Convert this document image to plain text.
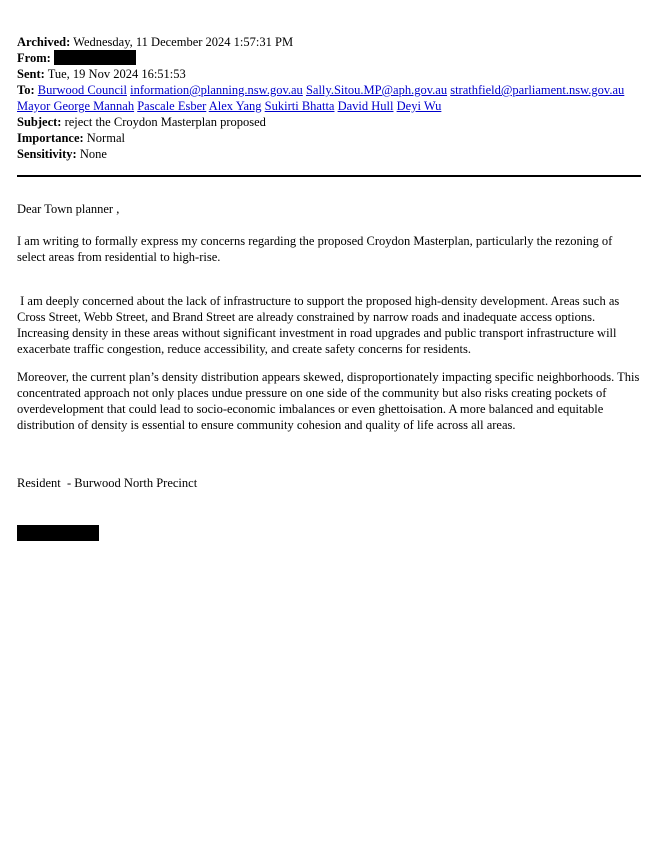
Archived: Wednesday, 11 December 2024 1:57:31 PM
From:
Sent: Tue, 19 Nov 2024 16:51:53
To: Burwood Council information@planning.nsw.gov.au Sally.Sitou.MP@aph.gov.au strathfield@parliament.nsw.gov.au Mayor George Mannah Pascale Esber Alex Yang Sukirti Bhatta David Hull Deyi Wu
Subject: reject the Croydon Masterplan proposed
Importance: Normal
Sensitivity: None

Dear Town planner ,

I am writing to formally express my concerns regarding the proposed Croydon Masterplan, particularly the rezoning of select areas from residential to high-rise.

I am deeply concerned about the lack of infrastructure to support the proposed high-density development. Areas such as Cross Street, Webb Street, and Brand Street are already constrained by narrow roads and inadequate access options. Increasing density in these areas without significant investment in road upgrades and public transport infrastructure will exacerbate traffic congestion, reduce accessibility, and create safety concerns for residents.

Moreover, the current plan’s density distribution appears skewed, disproportionately impacting specific neighborhoods. This concentrated approach not only places undue pressure on one side of the community but also risks creating pockets of overdevelopment that could lead to socio-economic imbalances or even ghettoisation. A more balanced and equitable distribution of density is essential to ensure community cohesion and quality of life across all areas.

Resident  - Burwood North Precinct
